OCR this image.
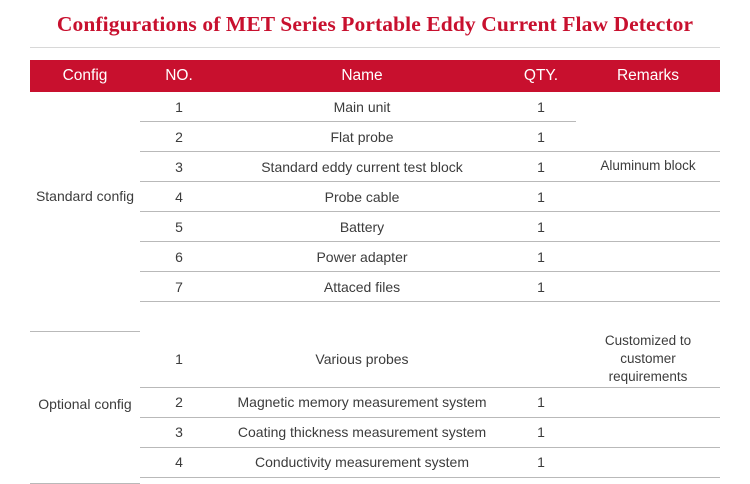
Configurations of MET Series Portable Eddy Current Flaw Detector
Config	NO.	Name	QTY.	Remarks

Standard config	1	Main unit	1	
	2	Flat probe	1	
	3	Standard eddy current test block	1	Aluminum block
	4	Probe cable	1	
	5	Battery	1	
	6	Power adapter	1	
	7	Attaced files	1	

Optional config	1	Various probes		Customized to customer requirements
	2	Magnetic memory measurement system	1	
	3	Coating thickness measurement system	1	
	4	Conductivity measurement system	1	
